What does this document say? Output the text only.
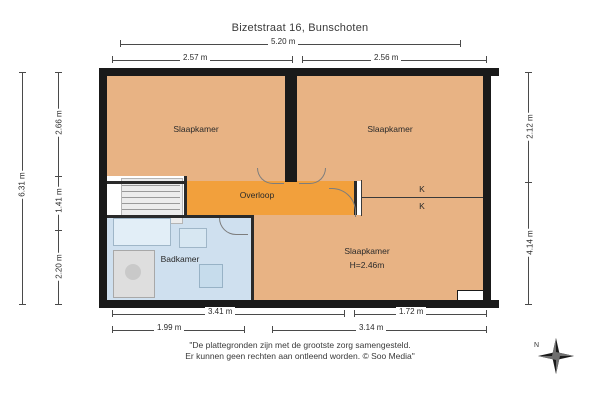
Bizetstraat 16, Bunschoten
Slaapkamer	Slaapkamer
Overloop
Badkamer
Slaapkamer
H=2.46m
K
K
5.20 m
2.57 m	2.56 m
3.41 m	1.72 m
1.99 m	3.14 m
6.31 m
2.66 m
1.41 m
2.20 m
2.12 m
4.14 m
"De plattegronden zijn met de grootste zorg samengesteld.
Er kunnen geen rechten aan ontleend worden. © Soo Media"
N
